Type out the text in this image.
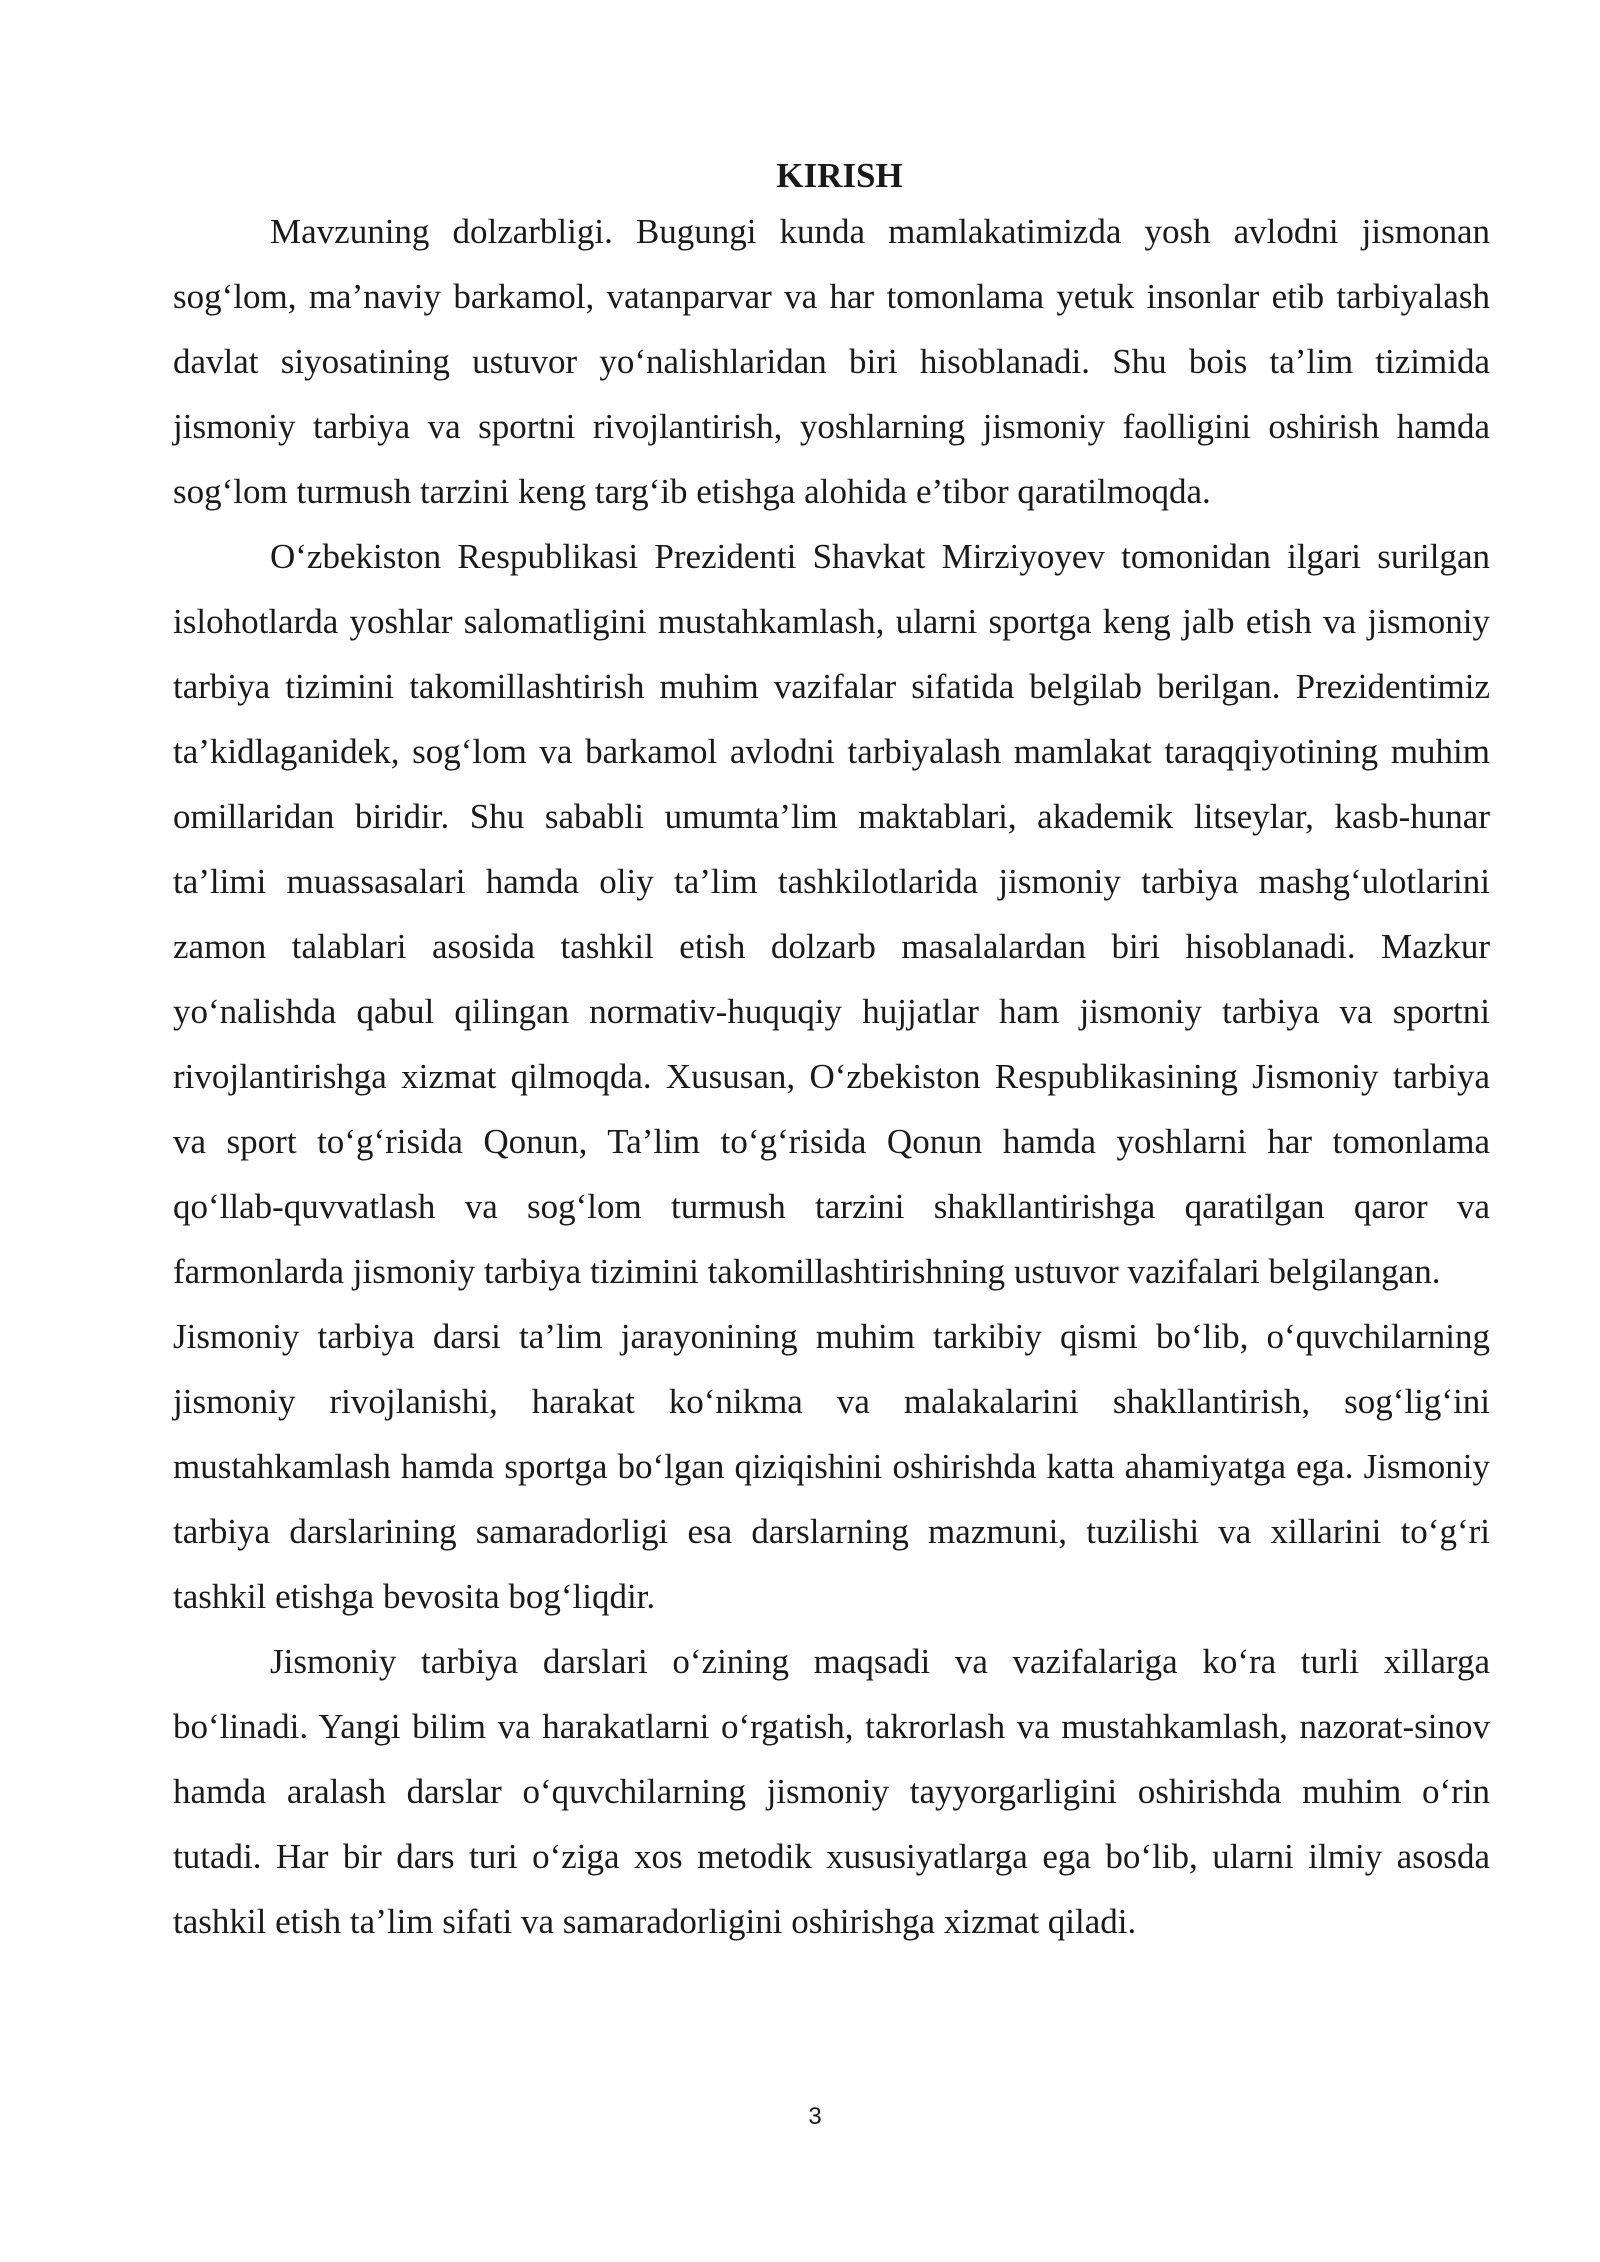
KIRISH

Mavzuning dolzarbligi. Bugungi kunda mamlakatimizda yosh avlodni jismonan sog‘lom, ma’naviy barkamol, vatanparvar va har tomonlama yetuk insonlar etib tarbiyalash davlat siyosatining ustuvor yo‘nalishlaridan biri hisoblanadi. Shu bois ta’lim tizimida jismoniy tarbiya va sportni rivojlantirish, yoshlarning jismoniy faolligini oshirish hamda sog‘lom turmush tarzini keng targ‘ib etishga alohida e’tibor qaratilmoqda.

O‘zbekiston Respublikasi Prezidenti Shavkat Mirziyoyev tomonidan ilgari surilgan islohotlarda yoshlar salomatligini mustahkamlash, ularni sportga keng jalb etish va jismoniy tarbiya tizimini takomillashtirish muhim vazifalar sifatida belgilab berilgan. Prezidentimiz ta’kidlaganidek, sog‘lom va barkamol avlodni tarbiyalash mamlakat taraqqiyotining muhim omillaridan biridir. Shu sababli umumta’lim maktablari, akademik litseylar, kasb-hunar ta’limi muassasalari hamda oliy ta’lim tashkilotlarida jismoniy tarbiya mashg‘ulotlarini zamon talablari asosida tashkil etish dolzarb masalalardan biri hisoblanadi. Mazkur yo‘nalishda qabul qilingan normativ-huquqiy hujjatlar ham jismoniy tarbiya va sportni rivojlantirishga xizmat qilmoqda. Xususan, O‘zbekiston Respublikasining Jismoniy tarbiya va sport to‘g‘risida Qonun, Ta’lim to‘g‘risida Qonun hamda yoshlarni har tomonlama qo‘llab-quvvatlash va sog‘lom turmush tarzini shakllantirishga qaratilgan qaror va farmonlarda jismoniy tarbiya tizimini takomillashtirishning ustuvor vazifalari belgilangan.

Jismoniy tarbiya darsi ta’lim jarayonining muhim tarkibiy qismi bo‘lib, o‘quvchilarning jismoniy rivojlanishi, harakat ko‘nikma va malakalarini shakllantirish, sog‘lig‘ini mustahkamlash hamda sportga bo‘lgan qiziqishini oshirishda katta ahamiyatga ega. Jismoniy tarbiya darslarining samaradorligi esa darslarning mazmuni, tuzilishi va xillarini to‘g‘ri tashkil etishga bevosita bog‘liqdir.

Jismoniy tarbiya darslari o‘zining maqsadi va vazifalariga ko‘ra turli xillarga bo‘linadi. Yangi bilim va harakatlarni o‘rgatish, takrorlash va mustahkamlash, nazorat-sinov hamda aralash darslar o‘quvchilarning jismoniy tayyorgarligini oshirishda muhim o‘rin tutadi. Har bir dars turi o‘ziga xos metodik xususiyatlarga ega bo‘lib, ularni ilmiy asosda tashkil etish ta’lim sifati va samaradorligini oshirishga xizmat qiladi.

3
